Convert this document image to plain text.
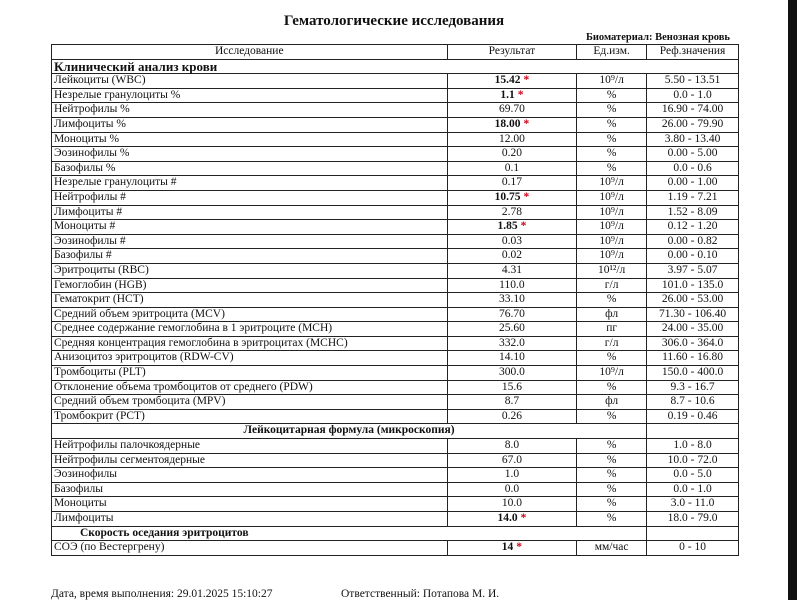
Гематологические исследования
Биоматериал: Венозная кровь
Исследование	Результат	Ед.изм.	Реф.значения
Клинический анализ крови			
Лейкоциты (WBC)	15.42 *	10⁹/л	5.50 - 13.51
Незрелые гранулоциты %	1.1 *	%	0.0 - 1.0
Нейтрофилы %	69.70	%	16.90 - 74.00
Лимфоциты %	18.00 *	%	26.00 - 79.90
Моноциты %	12.00	%	3.80 - 13.40
Эозинофилы %	0.20	%	0.00 - 5.00
Базофилы %	0.1	%	0.0 - 0.6
Незрелые гранулоциты #	0.17	10⁹/л	0.00 - 1.00
Нейтрофилы #	10.75 *	10⁹/л	1.19 - 7.21
Лимфоциты #	2.78	10⁹/л	1.52 - 8.09
Моноциты #	1.85 *	10⁹/л	0.12 - 1.20
Эозинофилы #	0.03	10⁹/л	0.00 - 0.82
Базофилы #	0.02	10⁹/л	0.00 - 0.10
Эритроциты (RBC)	4.31	10¹²/л	3.97 - 5.07
Гемоглобин (HGB)	110.0	г/л	101.0 - 135.0
Гематокрит (HCT)	33.10	%	26.00 - 53.00
Средний объем эритроцита (MCV)	76.70	фл	71.30 - 106.40
Среднее содержание гемоглобина в 1 эритроците (MCH)	25.60	пг	24.00 - 35.00
Средняя концентрация гемоглобина в эритроцитах (MCHC)	332.0	г/л	306.0 - 364.0
Анизоцитоз эритроцитов (RDW-CV)	14.10	%	11.60 - 16.80
Тромбоциты (PLT)	300.0	10⁹/л	150.0 - 400.0
Отклонение объема тромбоцитов от среднего (PDW)	15.6	%	9.3 - 16.7
Средний объем тромбоцита (MPV)	8.7	фл	8.7 - 10.6
Тромбокрит (PCT)	0.26	%	0.19 - 0.46
Лейкоцитарная формула (микроскопия)			
Нейтрофилы палочкоядерные	8.0	%	1.0 - 8.0
Нейтрофилы сегментоядерные	67.0	%	10.0 - 72.0
Эозинофилы	1.0	%	0.0 - 5.0
Базофилы	0.0	%	0.0 - 1.0
Моноциты	10.0	%	3.0 - 11.0
Лимфоциты	14.0 *	%	18.0 - 79.0
Скорость оседания эритроцитов			
СОЭ (по Вестергрену)	14 *	мм/час	0 - 10
Дата, время выполнения: 29.01.2025 15:10:27	Ответственный: Потапова М. И.
